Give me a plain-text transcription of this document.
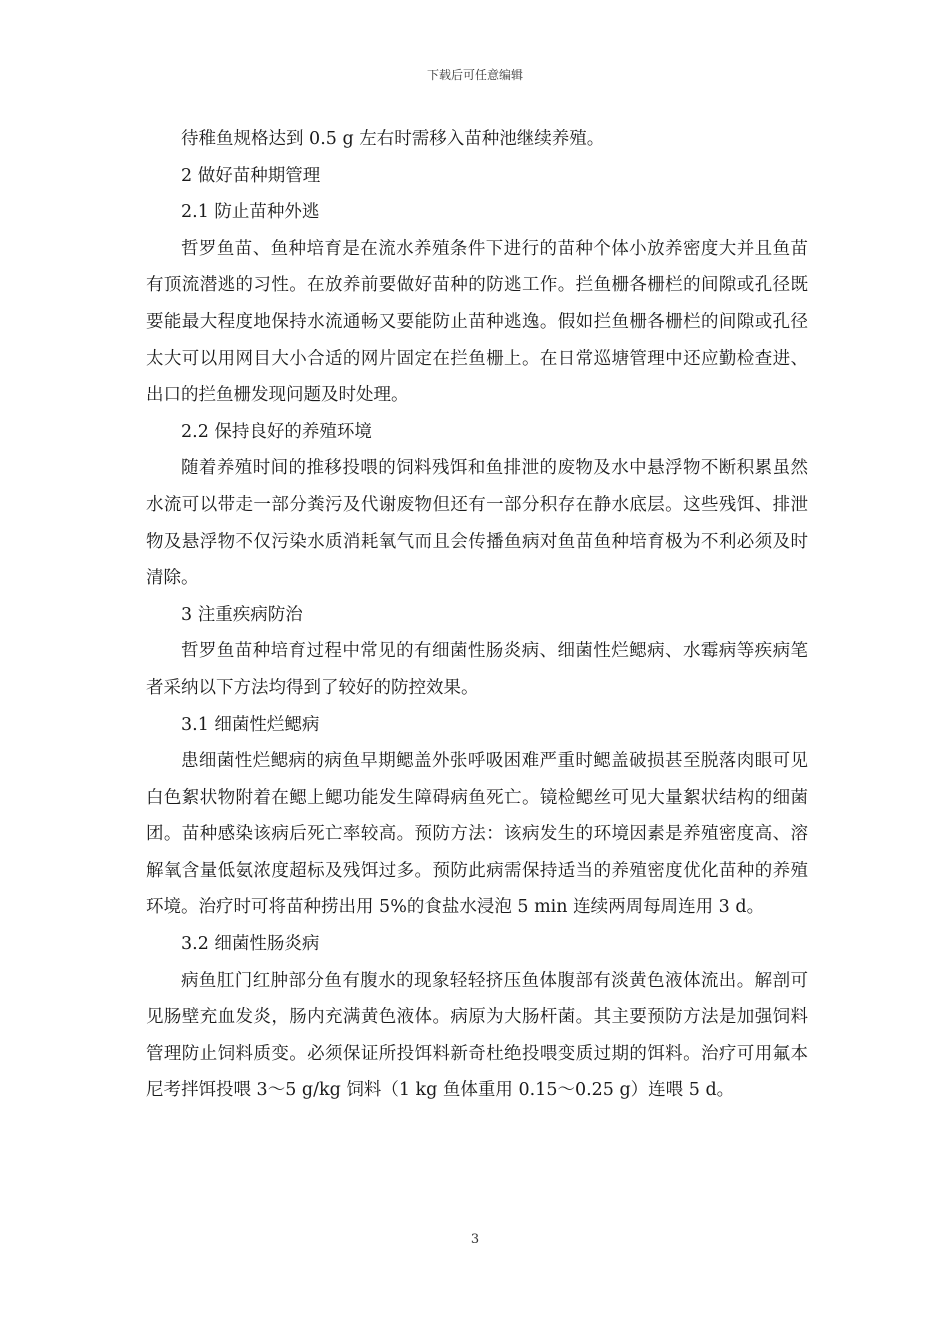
下载后可任意编辑

待稚鱼规格达到 0.5 g 左右时需移入苗种池继续养殖。

2 做好苗种期管理

2.1 防止苗种外逃

哲罗鱼苗、鱼种培育是在流水养殖条件下进行的苗种个体小放养密度大并且鱼苗有顶流潜逃的习性。在放养前要做好苗种的防逃工作。拦鱼栅各栅栏的间隙或孔径既要能最大程度地保持水流通畅又要能防止苗种逃逸。假如拦鱼栅各栅栏的间隙或孔径太大可以用网目大小合适的网片固定在拦鱼栅上。在日常巡塘管理中还应勤检查进、出口的拦鱼栅发现问题及时处理。

2.2 保持良好的养殖环境

随着养殖时间的推移投喂的饲料残饵和鱼排泄的废物及水中悬浮物不断积累虽然水流可以带走一部分粪污及代谢废物但还有一部分积存在静水底层。这些残饵、排泄物及悬浮物不仅污染水质消耗氧气而且会传播鱼病对鱼苗鱼种培育极为不利必须及时清除。

3 注重疾病防治

哲罗鱼苗种培育过程中常见的有细菌性肠炎病、细菌性烂鳃病、水霉病等疾病笔者采纳以下方法均得到了较好的防控效果。

3.1 细菌性烂鳃病

患细菌性烂鳃病的病鱼早期鳃盖外张呼吸困难严重时鳃盖破损甚至脱落肉眼可见白色絮状物附着在鳃上鳃功能发生障碍病鱼死亡。镜检鳃丝可见大量絮状结构的细菌团。苗种感染该病后死亡率较高。预防方法：该病发生的环境因素是养殖密度高、溶解氧含量低氨浓度超标及残饵过多。预防此病需保持适当的养殖密度优化苗种的养殖环境。治疗时可将苗种捞出用 5%的食盐水浸泡 5 min 连续两周每周连用 3 d。

3.2 细菌性肠炎病

病鱼肛门红肿部分鱼有腹水的现象轻轻挤压鱼体腹部有淡黄色液体流出。解剖可见肠壁充血发炎，肠内充满黄色液体。病原为大肠杆菌。其主要预防方法是加强饲料管理防止饲料质变。必须保证所投饵料新奇杜绝投喂变质过期的饵料。治疗可用氟本尼考拌饵投喂 3～5 g/kg 饲料（1 kg 鱼体重用 0.15～0.25 g）连喂 5 d。

3
